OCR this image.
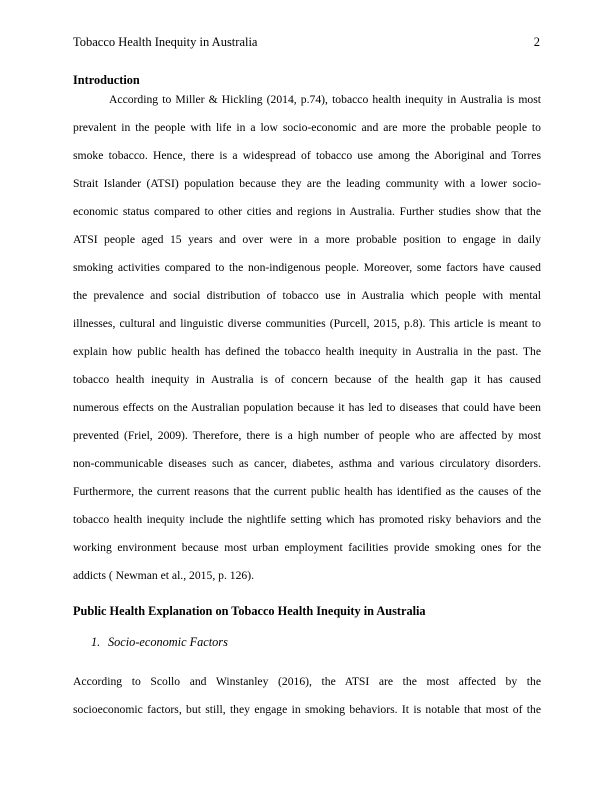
Tobacco Health Inequity in Australia	2
Introduction
According to Miller & Hickling (2014, p.74), tobacco health inequity in Australia is most
prevalent in the people with life in a low socio-economic and are more the probable people to
smoke tobacco. Hence, there is a widespread of tobacco use among the Aboriginal and Torres
Strait Islander (ATSI) population because they are the leading community with a lower socio-
economic status compared to other cities and regions in Australia. Further studies show that the
ATSI people aged 15 years and over were in a more probable position to engage in daily
smoking activities compared to the non-indigenous people. Moreover, some factors have caused
the prevalence and social distribution of tobacco use in Australia which people with mental
illnesses, cultural and linguistic diverse communities (Purcell, 2015, p.8). This article is meant to
explain how public health has defined the tobacco health inequity in Australia in the past. The
tobacco health inequity in Australia is of concern because of the health gap it has caused
numerous effects on the Australian population because it has led to diseases that could have been
prevented (Friel, 2009). Therefore, there is a high number of people who are affected by most
non-communicable diseases such as cancer, diabetes, asthma and various circulatory disorders.
Furthermore, the current reasons that the current public health has identified as the causes of the
tobacco health inequity include the nightlife setting which has promoted risky behaviors and the
working environment because most urban employment facilities provide smoking ones for the
addicts ( Newman et al., 2015, p. 126).
Public Health Explanation on Tobacco Health Inequity in Australia
1. Socio-economic Factors
According to Scollo and Winstanley (2016), the ATSI are the most affected by the
socioeconomic factors, but still, they engage in smoking behaviors. It is notable that most of the
